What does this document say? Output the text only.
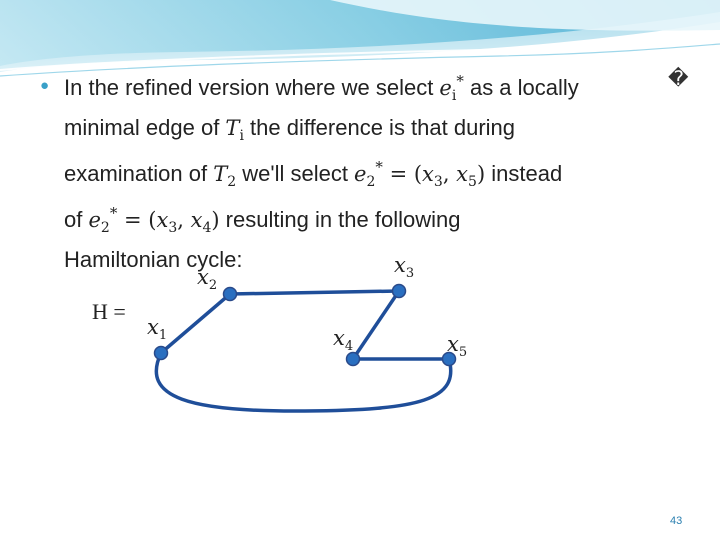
● In the refined version where we select $e_i^*$ as a locally
minimal edge of $T_i$ the difference is that during
examination of $T_2$ we'll select $e_2^* = (x_3$, $x_5$) instead
of $e_2^* = (x_3$, $x_4$) resulting in the following
Hamiltonian cycle:
�
H =
$x_1$
$x_2$
$x_3$
$x_4$	$x_5$
43
